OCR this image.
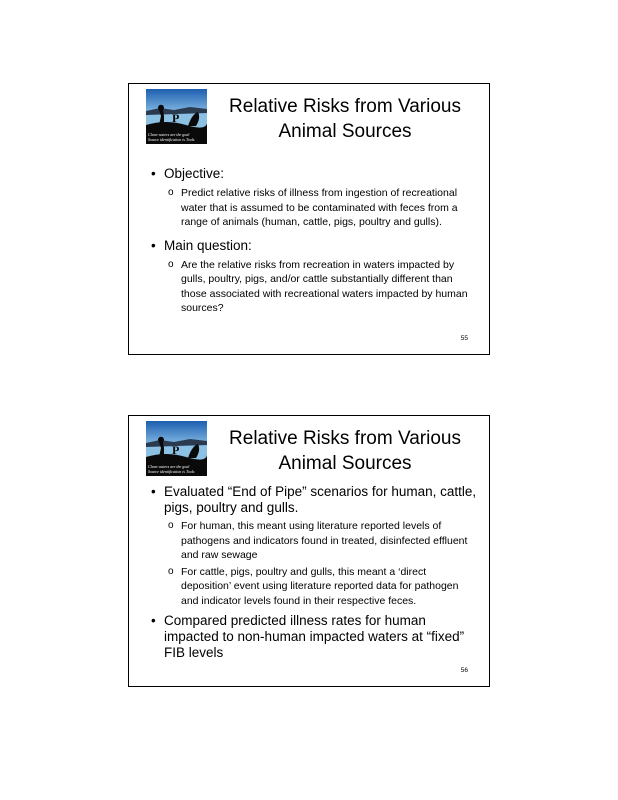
P
Clean waters are the goal
Source identification is Tools
Relative Risks from Various
Animal Sources
• Objective:
o Predict relative risks of illness from ingestion of recreational water that is assumed to be contaminated with feces from a range of animals (human, cattle, pigs, poultry and gulls).
• Main question:
o Are the relative risks from recreation in waters impacted by gulls, poultry, pigs, and/or cattle substantially different than those associated with recreational waters impacted by human sources?
55
P
Clean waters are the goal
Source identification is Tools
Relative Risks from Various
Animal Sources
• Evaluated “End of Pipe” scenarios for human, cattle, pigs, poultry and gulls.
o For human, this meant using literature reported levels of pathogens and indicators found in treated, disinfected effluent and raw sewage
o For cattle, pigs, poultry and gulls, this meant a ‘direct deposition’ event using literature reported data for pathogen and indicator levels found in their respective feces.
• Compared predicted illness rates for human impacted to non-human impacted waters at “fixed” FIB levels
56
